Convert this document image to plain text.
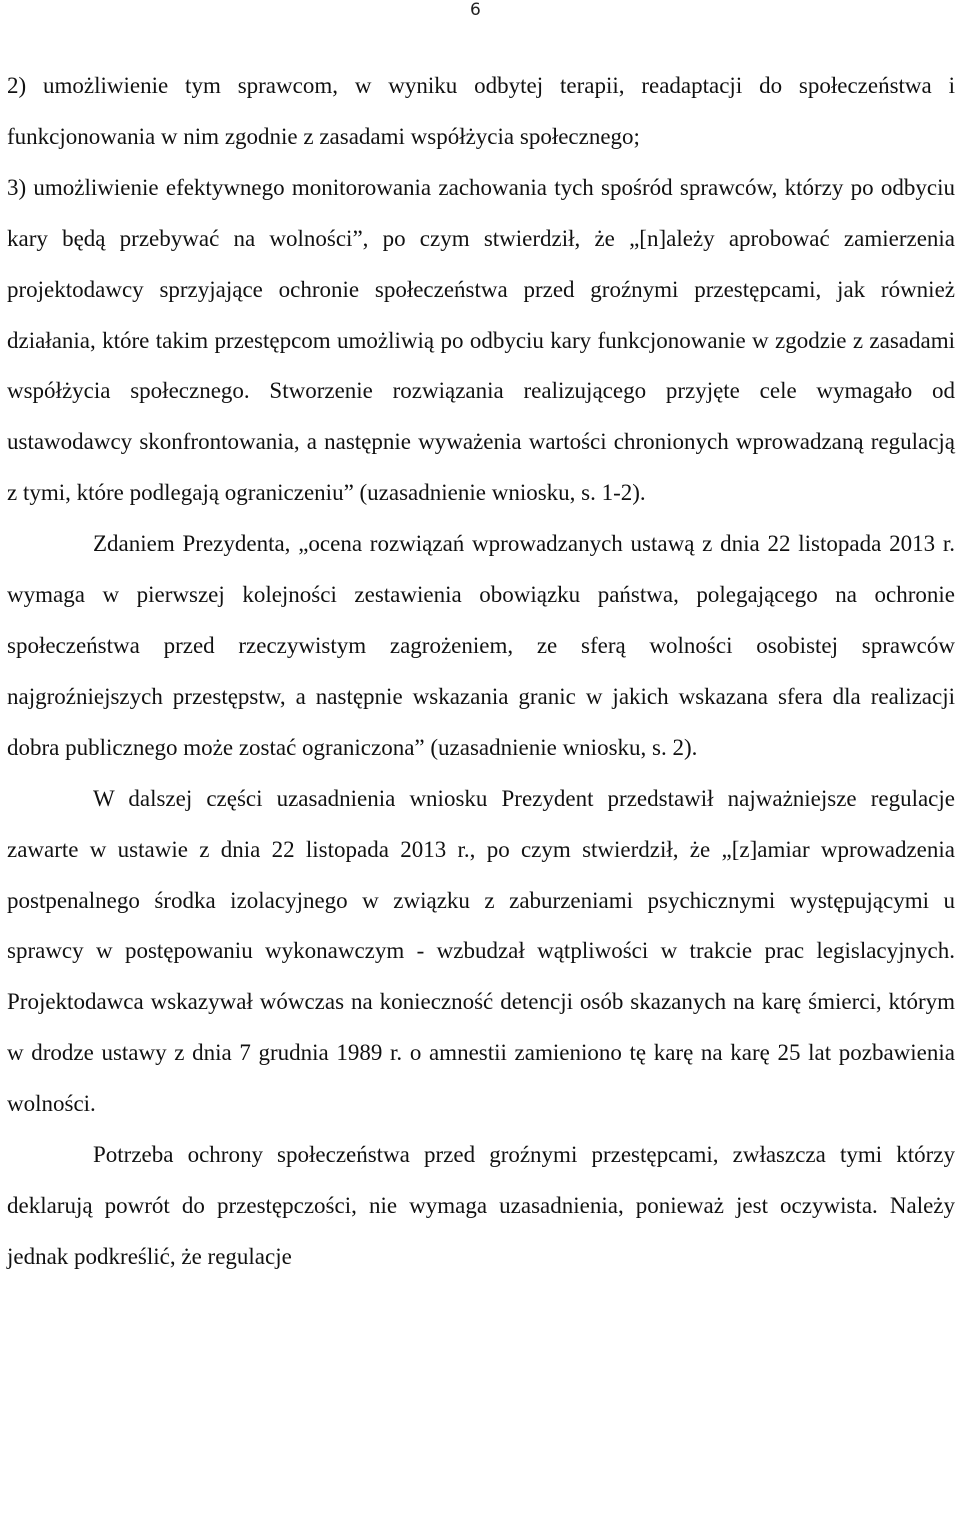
6

2) umożliwienie tym sprawcom, w wyniku odbytej terapii, readaptacji do społeczeństwa i funkcjonowania w nim zgodnie z zasadami współżycia społecznego;

3) umożliwienie efektywnego monitorowania zachowania tych spośród sprawców, którzy po odbyciu kary będą przebywać na wolności”, po czym stwierdził, że „[n]ależy aprobować zamierzenia projektodawcy sprzyjające ochronie społeczeństwa przed groźnymi przestępcami, jak również działania, które takim przestępcom umożliwią po odbyciu kary funkcjonowanie w zgodzie z zasadami współżycia społecznego. Stworzenie rozwiązania realizującego przyjęte cele wymagało od ustawodawcy skonfrontowania, a następnie wyważenia wartości chronionych wprowadzaną regulacją z tymi, które podlegają ograniczeniu” (uzasadnienie wniosku, s. 1-2).

Zdaniem Prezydenta, „ocena rozwiązań wprowadzanych ustawą z dnia 22 listopada 2013 r. wymaga w pierwszej kolejności zestawienia obowiązku państwa, polegającego na ochronie społeczeństwa przed rzeczywistym zagrożeniem, ze sferą wolności osobistej sprawców najgroźniejszych przestępstw, a następnie wskazania granic w jakich wskazana sfera dla realizacji dobra publicznego może zostać ograniczona” (uzasadnienie wniosku, s. 2).

W dalszej części uzasadnienia wniosku Prezydent przedstawił najważniejsze regulacje zawarte w ustawie z dnia 22 listopada 2013 r., po czym stwierdził, że „[z]amiar wprowadzenia postpenalnego środka izolacyjnego w związku z zaburzeniami psychicznymi występującymi u sprawcy w postępowaniu wykonawczym - wzbudzał wątpliwości w trakcie prac legislacyjnych. Projektodawca wskazywał wówczas na konieczność detencji osób skazanych na karę śmierci, którym w drodze ustawy z dnia 7 grudnia 1989 r. o amnestii zamieniono tę karę na karę 25 lat pozbawienia wolności.

Potrzeba ochrony społeczeństwa przed groźnymi przestępcami, zwłaszcza tymi którzy deklarują powrót do przestępczości, nie wymaga uzasadnienia, ponieważ jest oczywista. Należy jednak podkreślić, że regulacje
